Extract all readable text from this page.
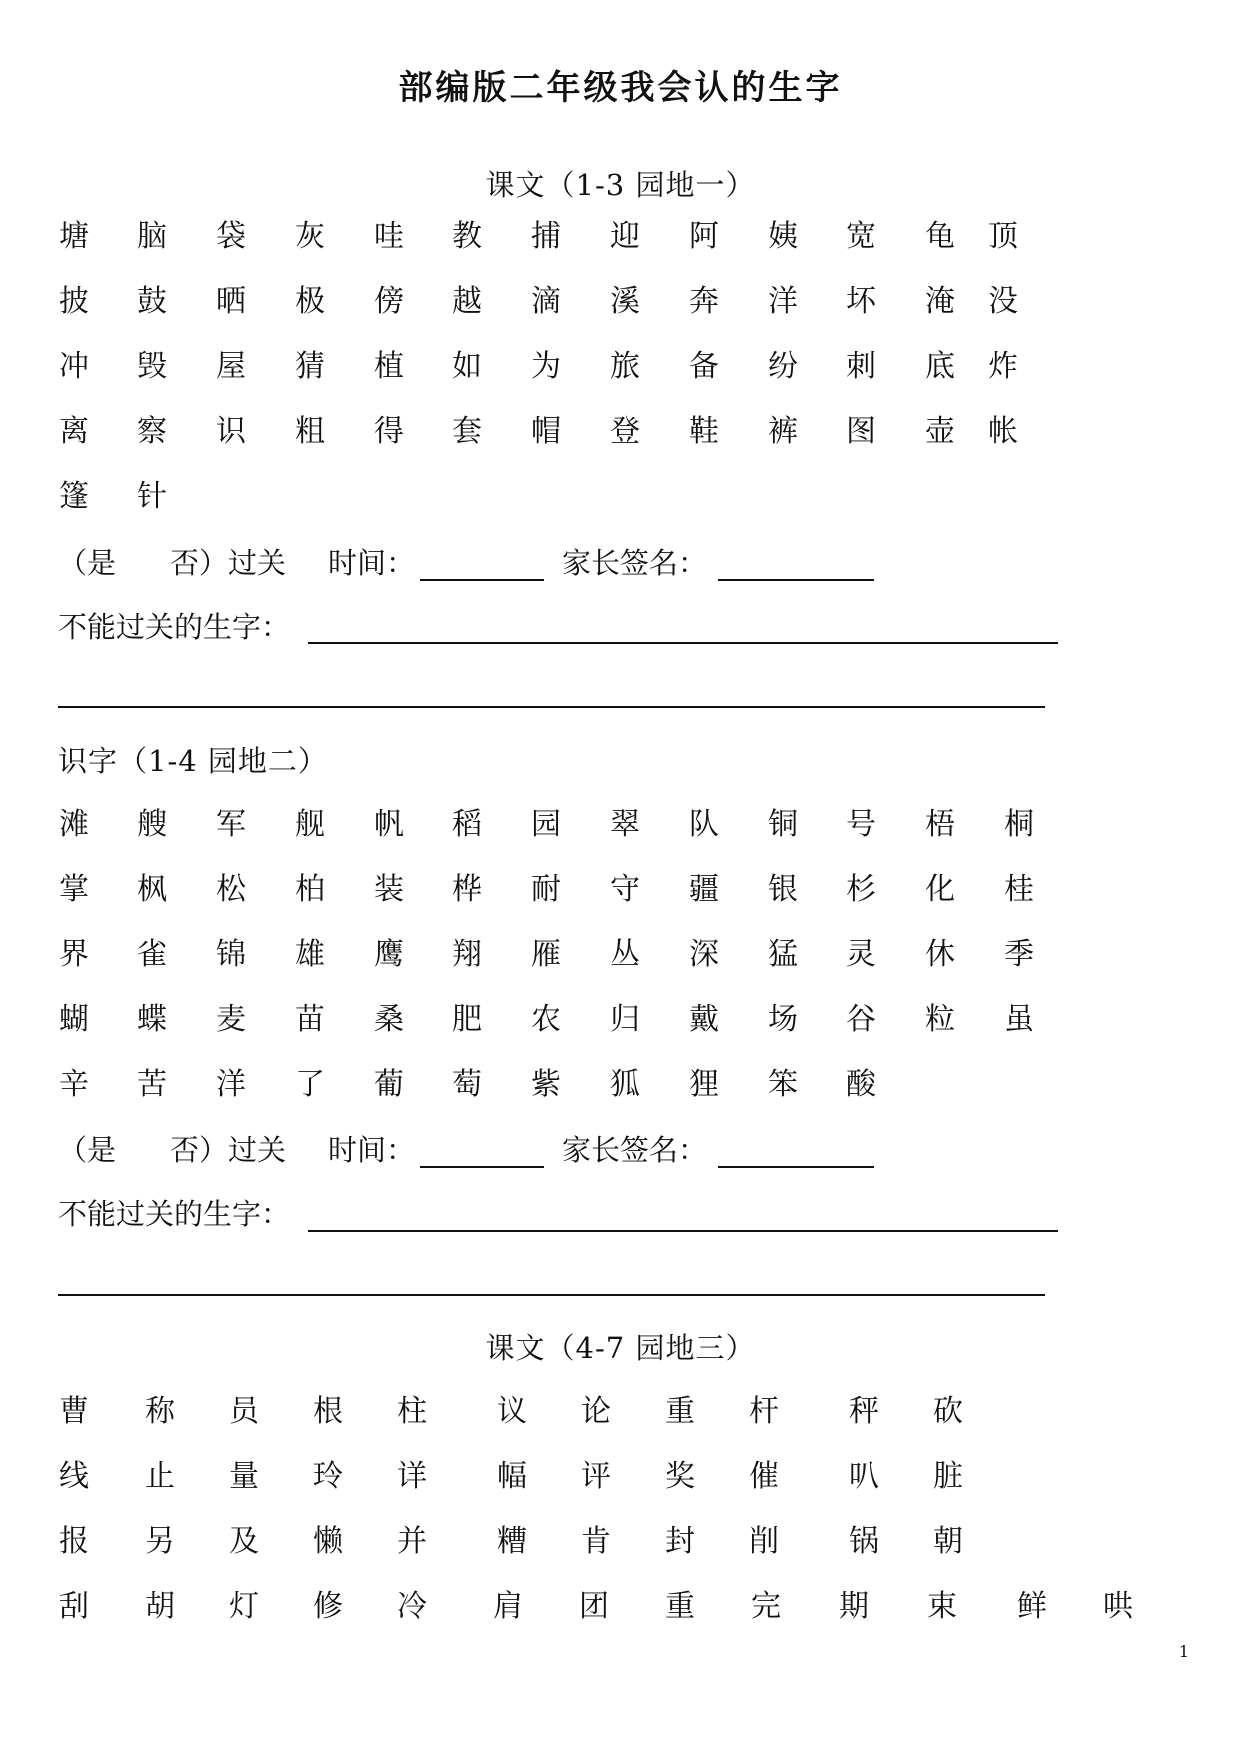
部编版二年级我会认的生字
课文（1-3 园地一）
塘 脑 袋 灰 哇 教 捕 迎 阿 姨 宽 龟 顶
披 鼓 晒 极 傍 越 滴 溪 奔 洋 坏 淹 没
冲 毁 屋 猜 植 如 为 旅 备 纷 刺 底 炸
离 察 识 粗 得 套 帽 登 鞋 裤 图 壶 帐
篷 针
（是 否）过关 时间：	家长签名：
不能过关的生字：
识字（1-4 园地二）
滩 艘 军 舰 帆 稻 园 翠 队 铜 号 梧 桐
掌 枫 松 柏 装 桦 耐 守 疆 银 杉 化 桂
界 雀 锦 雄 鹰 翔 雁 丛 深 猛 灵 休 季
蝴 蝶 麦 苗 桑 肥 农 归 戴 场 谷 粒 虽
辛 苦 洋 了 葡 萄 紫 狐 狸 笨 酸
（是 否）过关 时间：	家长签名：
不能过关的生字：
课文（4-7 园地三）
曹 称 员 根 柱 议 论 重 杆 秤 砍
线 止 量 玲 详 幅 评 奖 催 叭 脏
报 另 及 懒 并 糟 肯 封 削 锅 朝
刮 胡 灯 修 冷 肩 团 重 完 期 束 鲜 哄
1
